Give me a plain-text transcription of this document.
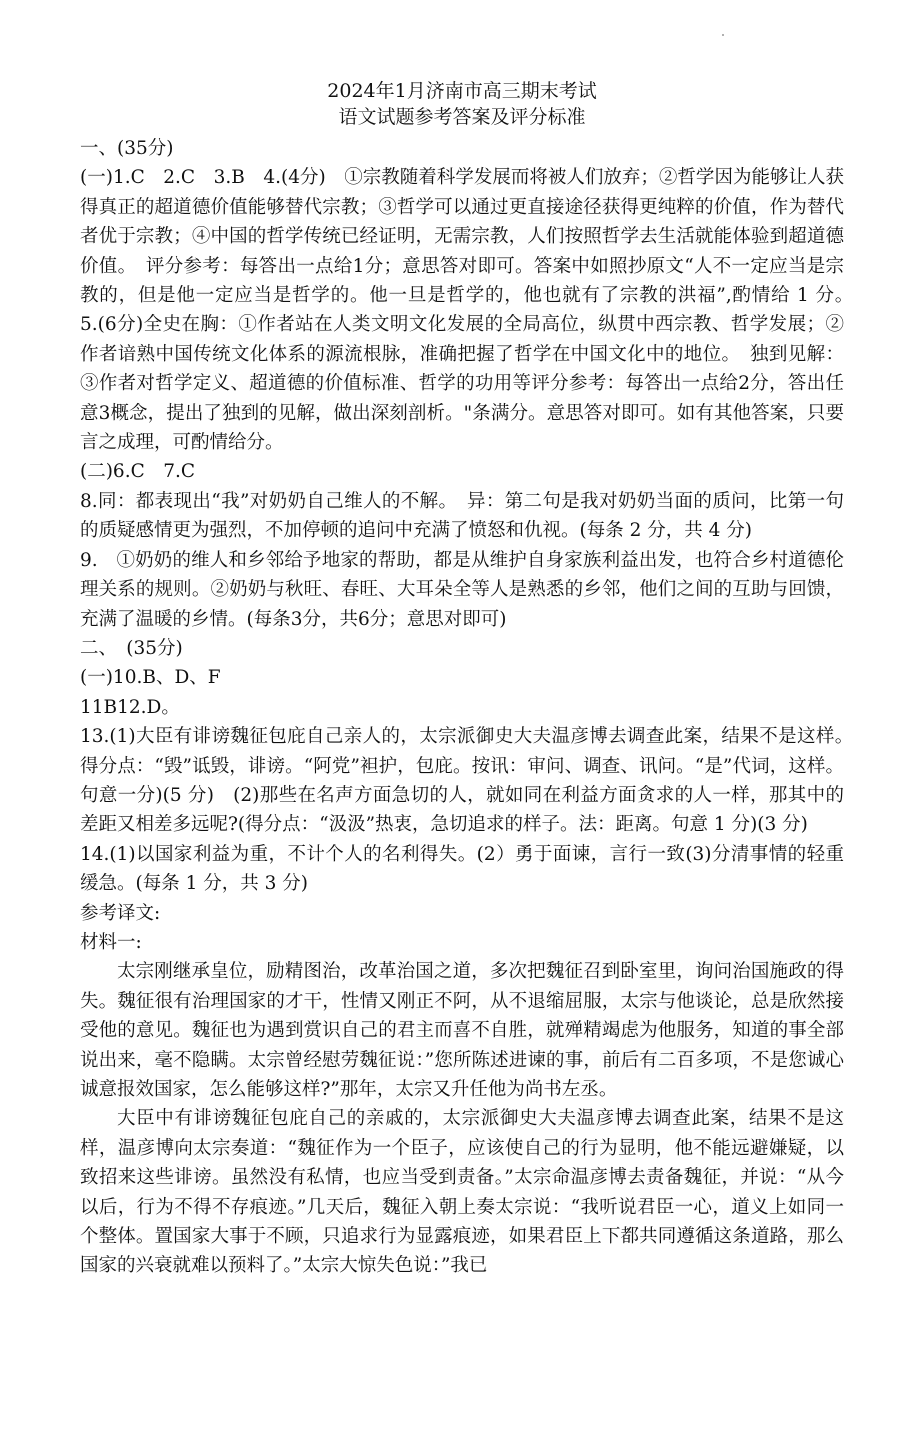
2024年1月济南市高三期末考试
语文试题参考答案及评分标准

一、(35分)

(一)1.C　2.C　3.B　4.(4分)　①宗教随着科学发展而将被人们放弃；②哲学因为能够让人获得真正的超道德价值能够替代宗教；③哲学可以通过更直接途径获得更纯粹的价值，作为替代者优于宗教；④中国的哲学传统已经证明，无需宗教，人们按照哲学去生活就能体验到超道德价值。　评分参考：每答出一点给1分；意思答对即可。答案中如照抄原文“人不一定应当是宗教的，但是他一定应当是哲学的。他一旦是哲学的，他也就有了宗教的洪福”,酌情给 1 分。　　5.(6分)全史在胸：①作者站在人类文明文化发展的全局高位，纵贯中西宗教、哲学发展；②作者谙熟中国传统文化体系的源流根脉，准确把握了哲学在中国文化中的地位。　独到见解：③作者对哲学定义、超道德的价值标准、哲学的功用等评分参考：每答出一点给2分，答出任意3概念，提出了独到的见解，做出深刻剖析。"条满分。意思答对即可。如有其他答案，只要言之成理，可酌情给分。

(二)6.C　7.C

8.同：都表现出“我”对奶奶自己维人的不解。　异：第二句是我对奶奶当面的质问，比第一句的质疑感情更为强烈，不加停顿的追问中充满了愤怒和仇视。(每条 2 分，共 4 分)

9.　①奶奶的维人和乡邻给予地家的帮助，都是从维护自身家族利益出发，也符合乡村道德伦理关系的规则。②奶奶与秋旺、春旺、大耳朵全等人是熟悉的乡邻，他们之间的互助与回馈，充满了温暖的乡情。(每条3分，共6分；意思对即可)

二、　(35分)

(一)10.B、D、F

11B12.D。

13.(1)大臣有诽谤魏征包庇自己亲人的，太宗派御史大夫温彦博去调查此案，结果不是这样。　得分点：“毁”诋毁，诽谤。“阿党”袒护，包庇。按讯：审问、调查、讯问。“是”代词，这样。句意一分)(5 分)　(2)那些在名声方面急切的人，就如同在利益方面贪求的人一样，那其中的差距又相差多远呢?(得分点：“汲汲”热衷，急切追求的样子。法：距离。句意 1 分)(3 分)

14.(1)以国家利益为重，不计个人的名利得失。(2）勇于面谏，言行一致(3)分清事情的轻重缓急。(每条 1 分，共 3 分)

参考译文:

材料一:

太宗刚继承皇位，励精图治，改革治国之道，多次把魏征召到卧室里，询问治国施政的得失。魏征很有治理国家的才干，性情又刚正不阿，从不退缩屈服，太宗与他谈论，总是欣然接受他的意见。魏征也为遇到赏识自己的君主而喜不自胜，就殚精竭虑为他服务，知道的事全部说出来，毫不隐瞒。太宗曾经慰劳魏征说：”您所陈述进谏的事，前后有二百多项，不是您诚心诚意报效国家，怎么能够这样?”那年，太宗又升任他为尚书左丞。

大臣中有诽谤魏征包庇自己的亲戚的，太宗派御史大夫温彦博去调查此案，结果不是这样，温彦博向太宗奏道：“魏征作为一个臣子，应该使自己的行为显明，他不能远避嫌疑，以致招来这些诽谤。虽然没有私情，也应当受到责备。”太宗命温彦博去责备魏征，并说：“从今以后，行为不得不存痕迹。”几天后，魏征入朝上奏太宗说：“我听说君臣一心，道义上如同一个整体。置国家大事于不顾，只追求行为显露痕迹，如果君臣上下都共同遵循这条道路，那么国家的兴衰就难以预料了。”太宗大惊失色说：”我已
